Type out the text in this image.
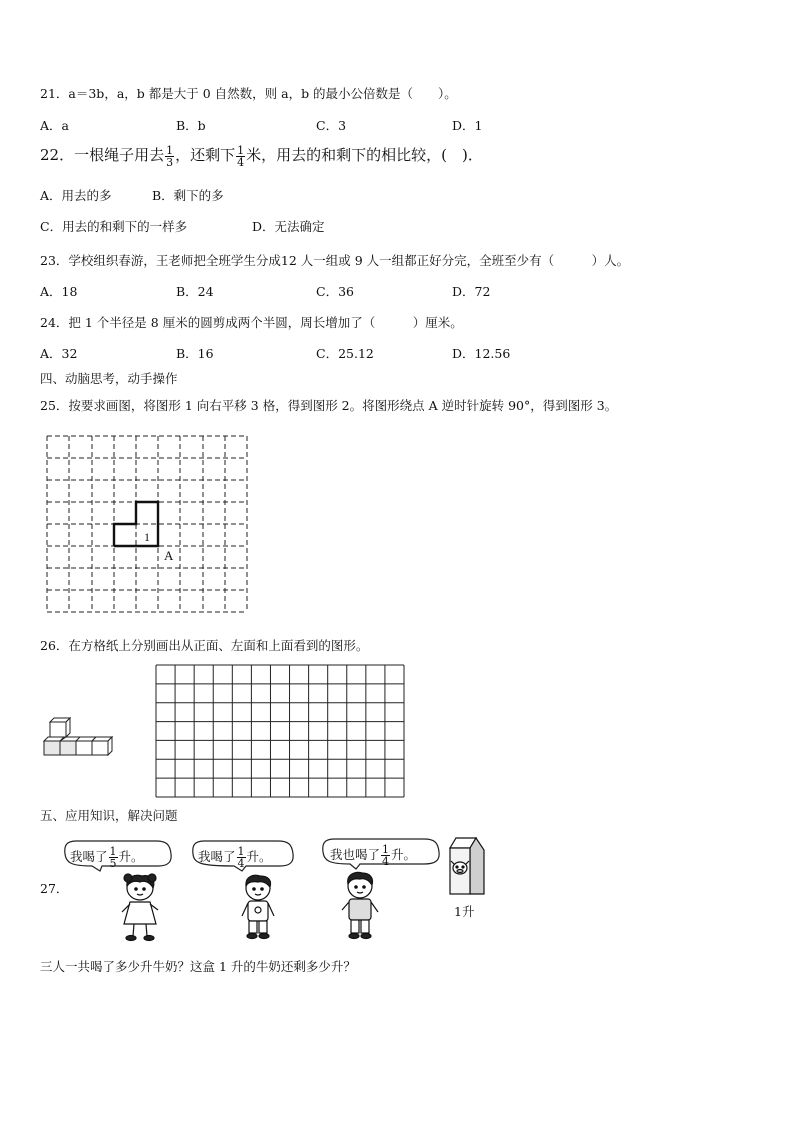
21．a＝3b，a，b 都是大于 0 自然数，则 a，b 的最小公倍数是（　　）。
A．a	B．b	C．3	D．1
22．一根绳子用去 $\frac{1}{3}$ ，还剩下 $\frac{1}{4}$ 米，用去的和剩下的相比较，(　)．
A．用去的多	B．剩下的多
C．用去的和剩下的一样多	D．无法确定
23．学校组织春游，王老师把全班学生分成12 人一组或 9 人一组都正好分完，全班至少有（　　　）人。
A．18	B．24	C．36	D．72
24．把 1 个半径是 8 厘米的圆剪成两个半圆，周长增加了（　　　）厘米。
A．32	B．16	C．25.12	D．12.56
四、动脑思考，动手操作
25．按要求画图，将图形 1 向右平移 3 格，得到图形 2。将图形绕点 A 逆时针旋转 90°，得到图形 3。
1
A
26．在方格纸上分别画出从正面、左面和上面看到的图形。
五、应用知识，解决问题
27．
我喝了 $\frac{1}{5}$ 升。	我喝了 $\frac{1}{4}$ 升。	我也喝了 $\frac{1}{4}$ 升。
1升
三人一共喝了多少升牛奶？这盒 1 升的牛奶还剩多少升？
